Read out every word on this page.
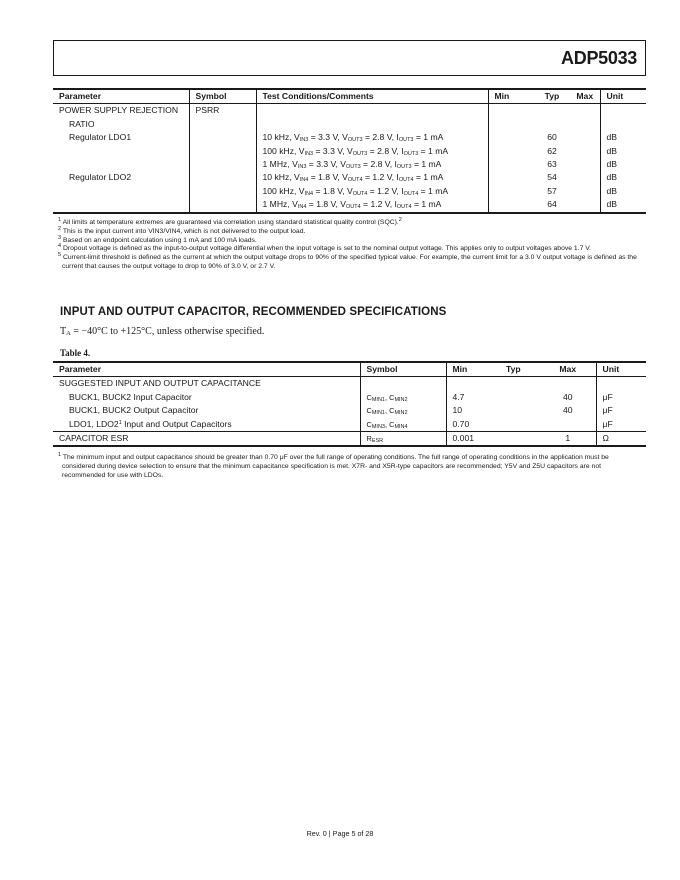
ADP5033
Parameter	Symbol	Test Conditions/Comments	Min	Typ	Max	Unit
POWER SUPPLY REJECTION	PSRR					
RATIO						
Regulator LDO1		10 kHz, $V_{IN3} = 3.3$ V, $V_{OUT3} = 2.8$ V, $I_{OUT3} = 1$ mA		60		dB
		100 kHz, $V_{IN3} = 3.3$ V, $V_{OUT3} = 2.8$ V, $I_{OUT3} = 1$ mA		62		dB
		1 MHz, $V_{IN3} = 3.3$ V, $V_{OUT3} = 2.8$ V, $I_{OUT3} = 1$ mA		63		dB
Regulator LDO2		10 kHz, $V_{IN4} = 1.8$ V, $V_{OUT4} = 1.2$ V, $I_{OUT4} = 1$ mA		54		dB
		100 kHz, $V_{IN4} = 1.8$ V, $V_{OUT4} = 1.2$ V, $I_{OUT4} = 1$ mA		57		dB
		1 MHz, $V_{IN4} = 1.8$ V, $V_{OUT4} = 1.2$ V, $I_{OUT4} = 1$ mA		64		dB

$^1$ All limits at temperature extremes are guaranteed via correlation using standard statistical quality control (SQC).$^2$

$^2$ This is the input current into VIN3/VIN4, which is not delivered to the output load.

$^3$ Based on an endpoint calculation using 1 mA and 100 mA loads.

$^4$ Dropout voltage is defined as the input-to-output voltage differential when the input voltage is set to the nominal output voltage. This applies only to output voltages above 1.7 V.

$^5$ Current-limit threshold is defined as the current at which the output voltage drops to 90% of the specified typical value. For example, the current limit for a 3.0 V output voltage is defined as the current that causes the output voltage to drop to 90% of 3.0 V, or 2.7 V.

INPUT AND OUTPUT CAPACITOR, RECOMMENDED SPECIFICATIONS
$T_A = -40^\circ C$ to +125°C, unless otherwise specified.
Table 4.
Parameter	Symbol	Min	Typ	Max	Unit
SUGGESTED INPUT AND OUTPUT CAPACITANCE					
BUCK1, BUCK2 Input Capacitor	$C_{MIN1}$, $C_{MIN2}$	4.7		40	μF
BUCK1, BUCK2 Output Capacitor	$C_{MIN1}$, $C_{MIN2}$	10		40	μF
LDO1, $LDO2^1$ Input and Output Capacitors	$C_{MIN3}$, $C_{MIN4}$	0.70			μF
CAPACITOR ESR	$R_{ESR}$	0.001		1	Ω

$^1$ The minimum input and output capacitance should be greater than 0.70 μF over the full range of operating conditions. The full range of operating conditions in the application must be considered during device selection to ensure that the minimum capacitance specification is met. X7R- and X5R-type capacitors are recommended; Y5V and Z5U capacitors are not recommended for use with LDOs.

Rev. 0 | Page 5 of 28
